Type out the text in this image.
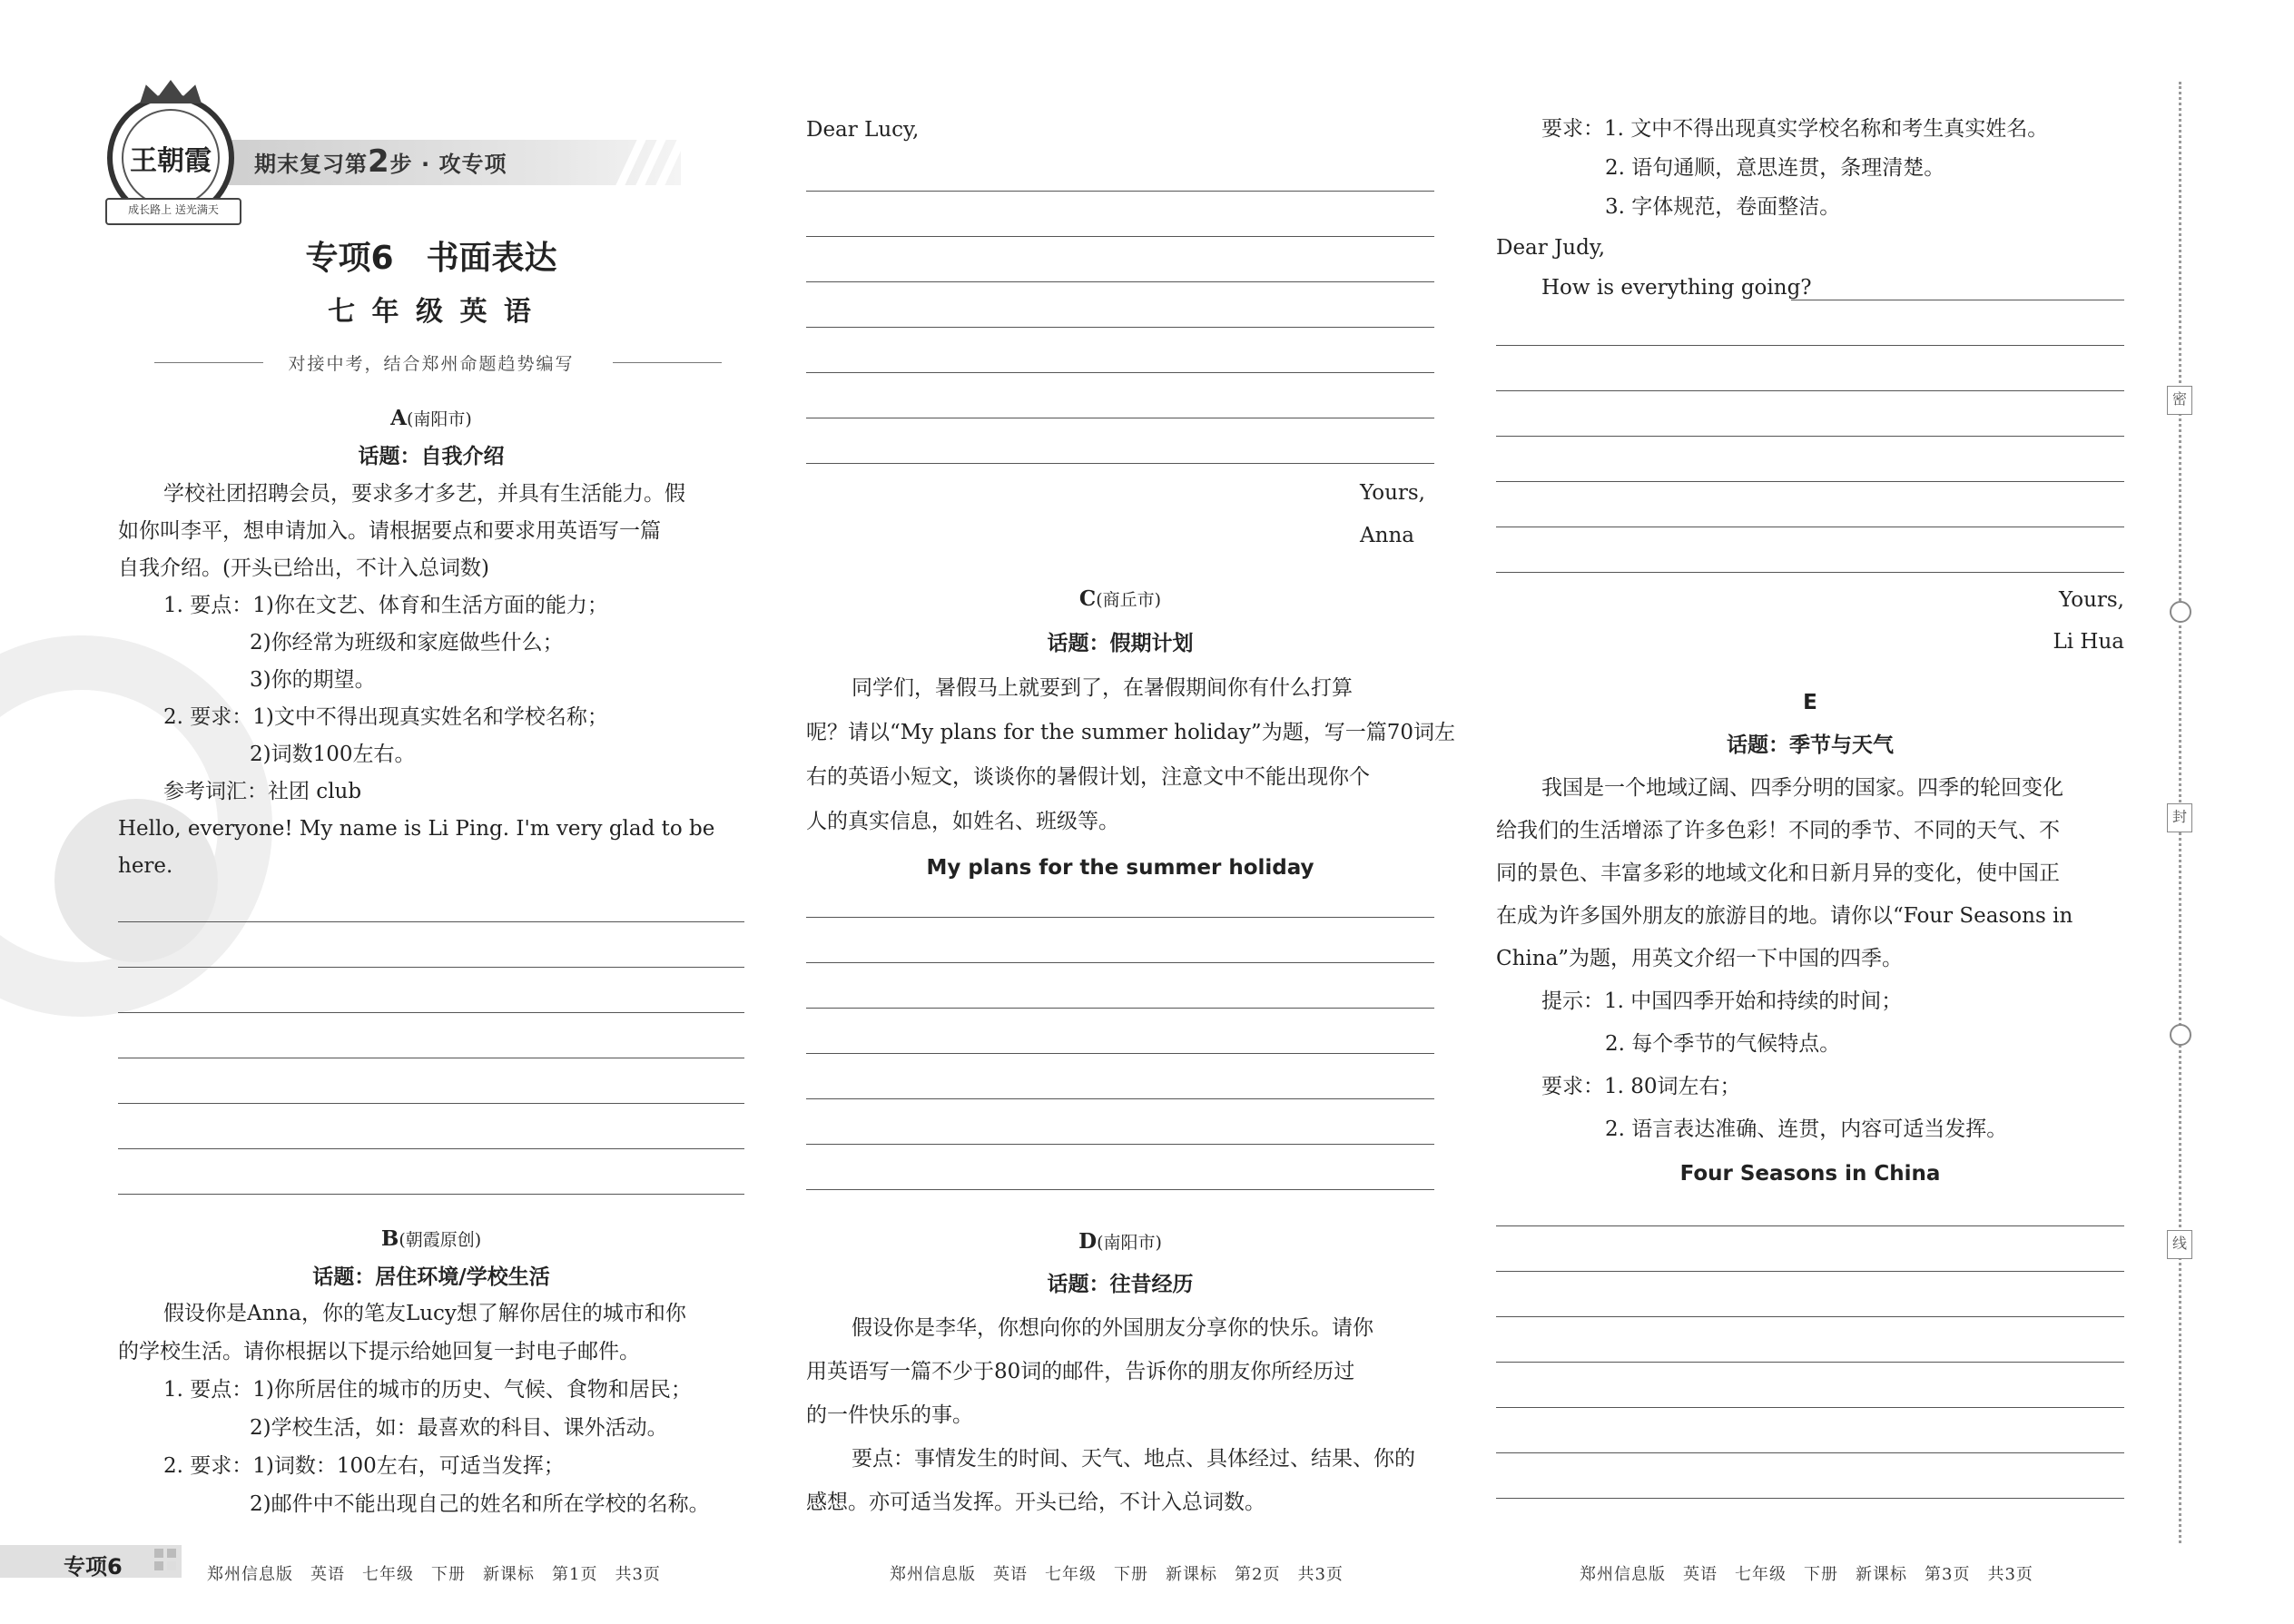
期末复习第2步 · 攻专项
王朝霞
成长路上 送光满天
专项6　书面表达
七 年 级 英 语
对接中考，结合郑州命题趋势编写
A(南阳市)
话题：自我介绍
学校社团招聘会员，要求多才多艺，并具有生活能力。假
如你叫李平，想申请加入。请根据要点和要求用英语写一篇
自我介绍。(开头已给出，不计入总词数)
1. 要点：1)你在文艺、体育和生活方面的能力；
2)你经常为班级和家庭做些什么；
3)你的期望。
2. 要求：1)文中不得出现真实姓名和学校名称；
2)词数100左右。
参考词汇：社团 club
Hello, everyone! My name is Li Ping. I'm very glad to be
here.
B(朝霞原创)
话题：居住环境/学校生活
假设你是Anna，你的笔友Lucy想了解你居住的城市和你
的学校生活。请你根据以下提示给她回复一封电子邮件。
1. 要点：1)你所居住的城市的历史、气候、食物和居民；
2)学校生活，如：最喜欢的科目、课外活动。
2. 要求：1)词数：100左右，可适当发挥；
2)邮件中不能出现自己的姓名和所在学校的名称。
专项6	郑州信息版　英语　七年级　下册　新课标　第1页　共3页
Dear Lucy,
Yours,
Anna
C(商丘市)
话题：假期计划
同学们，暑假马上就要到了，在暑假期间你有什么打算
呢？请以“My plans for the summer holiday”为题，写一篇70词左
右的英语小短文，谈谈你的暑假计划，注意文中不能出现你个
人的真实信息，如姓名、班级等。
My plans for the summer holiday
D(南阳市)
话题：往昔经历
假设你是李华，你想向你的外国朋友分享你的快乐。请你
用英语写一篇不少于80词的邮件，告诉你的朋友你所经历过
的一件快乐的事。
要点：事情发生的时间、天气、地点、具体经过、结果、你的
感想。亦可适当发挥。开头已给，不计入总词数。
郑州信息版　英语　七年级　下册　新课标　第2页　共3页
要求：1. 文中不得出现真实学校名称和考生真实姓名。
2. 语句通顺，意思连贯，条理清楚。
3. 字体规范，卷面整洁。
Dear Judy,
How is everything going?
Yours,
Li Hua
E
话题：季节与天气
我国是一个地域辽阔、四季分明的国家。四季的轮回变化
给我们的生活增添了许多色彩！不同的季节、不同的天气、不
同的景色、丰富多彩的地域文化和日新月异的变化，使中国正
在成为许多国外朋友的旅游目的地。请你以“Four Seasons in
China”为题，用英文介绍一下中国的四季。
提示：1. 中国四季开始和持续的时间；
2. 每个季节的气候特点。
要求：1. 80词左右；
2. 语言表达准确、连贯，内容可适当发挥。
Four Seasons in China
郑州信息版　英语　七年级　下册　新课标　第3页　共3页
密
封
线
